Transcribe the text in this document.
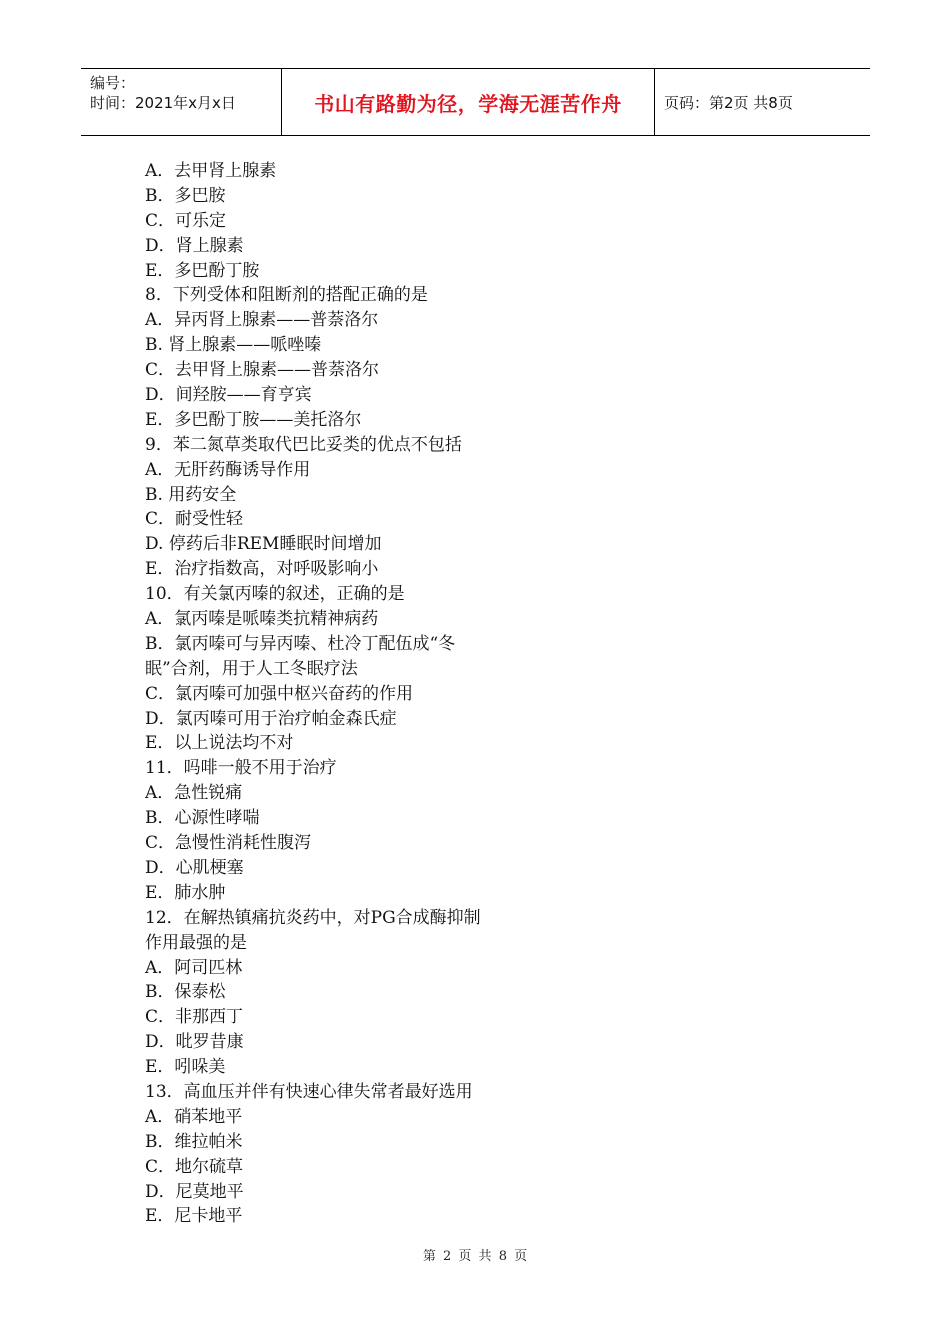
编号：
时间：2021年x月x日	书山有路勤为径，学海无涯苦作舟	页码：第2页 共8页
A．去甲肾上腺素
B．多巴胺
C．可乐定
D．肾上腺素
E．多巴酚丁胺
8．下列受体和阻断剂的搭配正确的是
A．异丙肾上腺素——普萘洛尔
B. 肾上腺素——哌唑嗪
C．去甲肾上腺素——普萘洛尔
D．间羟胺——育亨宾
E．多巴酚丁胺——美托洛尔
9．苯二氮草类取代巴比妥类的优点不包括
A．无肝药酶诱导作用
B. 用药安全
C．耐受性轻
D. 停药后非REM睡眠时间增加
E．治疗指数高，对呼吸影响小
10．有关氯丙嗪的叙述，正确的是
A．氯丙嗪是哌嗪类抗精神病药
B．氯丙嗪可与异丙嗪、杜冷丁配伍成“冬
眠”合剂，用于人工冬眠疗法
C．氯丙嗪可加强中枢兴奋药的作用
D．氯丙嗪可用于治疗帕金森氏症
E．以上说法均不对
11．吗啡一般不用于治疗
A．急性锐痛
B．心源性哮喘
C．急慢性消耗性腹泻
D．心肌梗塞
E．肺水肿
12．在解热镇痛抗炎药中，对PG合成酶抑制
作用最强的是
A．阿司匹林
B．保泰松
C．非那西丁
D．吡罗昔康
E．吲哚美
13．高血压并伴有快速心律失常者最好选用
A．硝苯地平
B．维拉帕米
C．地尔硫草
D．尼莫地平
E．尼卡地平
第 2 页 共 8 页
